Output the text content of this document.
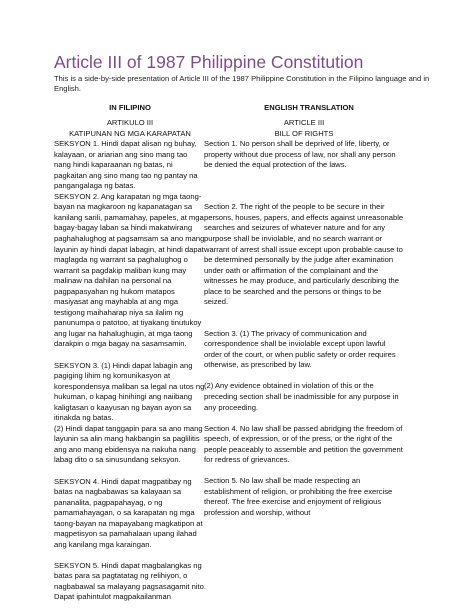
Article III of 1987 Philippine Constitution
This is a side-by-side presentation of Article III of the 1987 Philippine Constitution in the Filipino language and in English.
IN FILIPINO
ARTIKULO III
KATIPUNAN NG MGA KARAPATAN

SEKSYON 1. Hindi dapat alisan ng buhay, kalayaan, or ariarian ang sino mang tao nang hindi kaparaanan ng batas, ni pagkaitan ang sino mang tao ng pantay na pangangalaga ng batas.

SEKSYON 2. Ang karapatan ng mga taong-bayan na magkaroon ng kapanatagan sa kanilang sarili, pamamahay, papeles, at mga bagay-bagay laban sa hindi makatwirang paghahalughog at pagsamsam sa ano mang layunin ay hindi dapat labagin, at hindi dapat maglagda ng warrant sa paghalughog o warrant sa pagdakip maliban kung may malinaw na dahilan na personal na pagpapasyahan ng hukom matapos masiyasat ang mayhabla at ang mga testigong maihaharap niya sa ilalim ng panunumpa o patotoo, at tiyakang tinutukoy ang lugar na hahalughugin, at mga taong darakpin o mga bagay na sasamsamin.

SEKSYON 3. (1) Hindi dapat labagin ang pagiging lihim ng komunikasyon at korespondensya maliban sa legal na utos ng hukuman, o kapag hinihingi ang naiibang kaligtasan o kaayusan ng bayan ayon sa itinakda ng batas.

(2) Hindi dapat tanggapin para sa ano mang layunin sa alin mang hakbangin sa paglilitis ang ano mang ebidensya na nakuha nang labag dito o sa sinusundang seksyon.

SEKSYON 4. Hindi dapat magpatibay ng batas na nagbabawas sa kalayaan sa pananalita, pagpapahayag, o ng pamamahayagan, o sa karapatan ng mga taong-bayan na mapayabang magkatipon at magpetisyon sa pamahalaan upang ilahad ang kanilang mga karaingan.

SEKSYON 5. Hindi dapat magbalangkas ng batas para sa pagtatatag ng relihiyon, o nagbabawal sa malayang pagsasagamit nito. Dapat ipahintulot magpakailanman

ENGLISH TRANSLATION
ARTICLE III
BILL OF RIGHTS

Section 1. No person shall be deprived of life, liberty, or property without due process of law, nor shall any person be denied the equal protection of the laws.

Section 2. The right of the people to be secure in their persons, houses, papers, and effects against unreasonable searches and seizures of whatever nature and for any purpose shall be inviolable, and no search warrant or warrant of arrest shall issue except upon probable cause to be determined personally by the judge after examination under oath or affirmation of the complainant and the witnesses he may produce, and particularly describing the place to be searched and the persons or things to be seized.

Section 3. (1) The privacy of communication and correspondence shall be inviolable except upon lawful order of the court, or when public safety or order requires otherwise, as prescribed by law.

(2) Any evidence obtained in violation of this or the preceding section shall be inadmissible for any purpose in any proceeding.

Section 4. No law shall be passed abridging the freedom of speech, of expression, or of the press, or the right of the people peaceably to assemble and petition the government for redress of grievances.

Section 5. No law shall be made respecting an establishment of religion, or prohibiting the free exercise thereof. The free exercise and enjoyment of religious profession and worship, without
